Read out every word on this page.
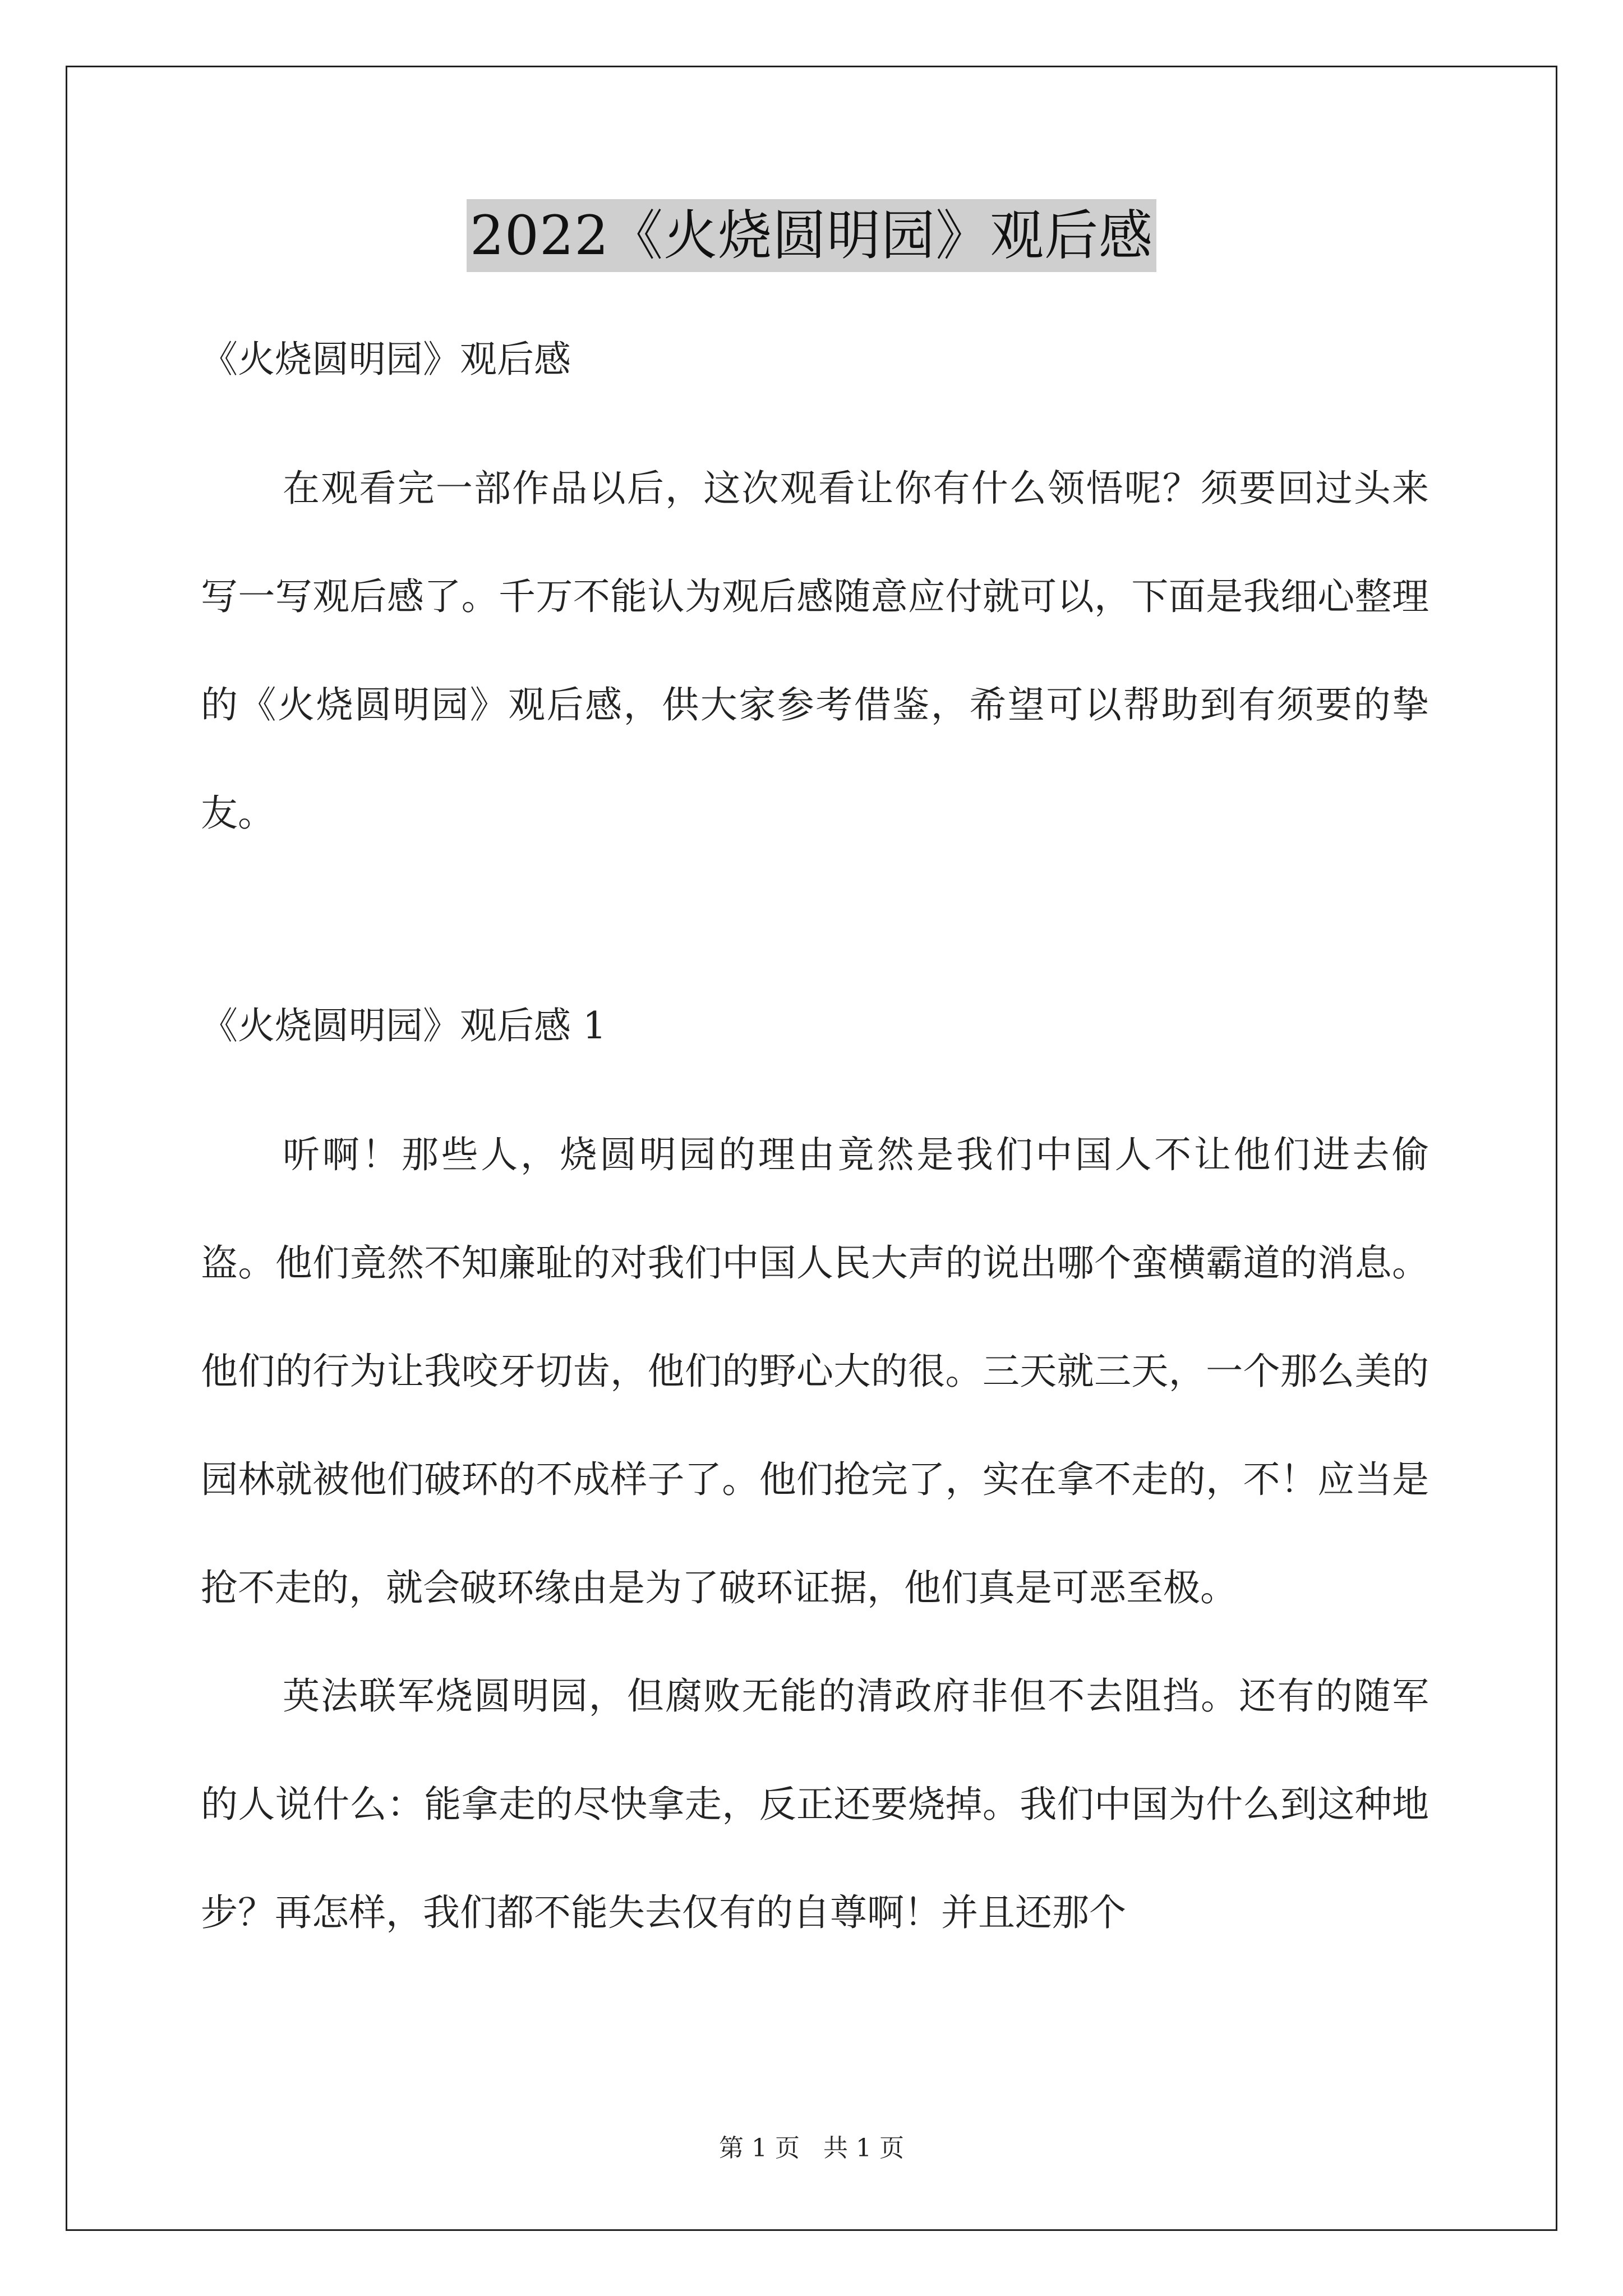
2022《火烧圆明园》观后感

《火烧圆明园》观后感

在观看完一部作品以后，这次观看让你有什么领悟呢？须要回过头来写一写观后感了。千万不能认为观后感随意应付就可以，下面是我细心整理的《火烧圆明园》观后感，供大家参考借鉴，希望可以帮助到有须要的挚友。

《火烧圆明园》观后感 1

听啊！那些人，烧圆明园的理由竟然是我们中国人不让他们进去偷盗。他们竟然不知廉耻的对我们中国人民大声的说出哪个蛮横霸道的消息。他们的行为让我咬牙切齿，他们的野心大的很。三天就三天，一个那么美的园林就被他们破环的不成样子了。他们抢完了，实在拿不走的，不！应当是抢不走的，就会破环缘由是为了破环证据，他们真是可恶至极。

英法联军烧圆明园，但腐败无能的清政府非但不去阻挡。还有的随军的人说什么：能拿走的尽快拿走，反正还要烧掉。我们中国为什么到这种地步？再怎样，我们都不能失去仅有的自尊啊！并且还那个

第 1 页 共 1 页
